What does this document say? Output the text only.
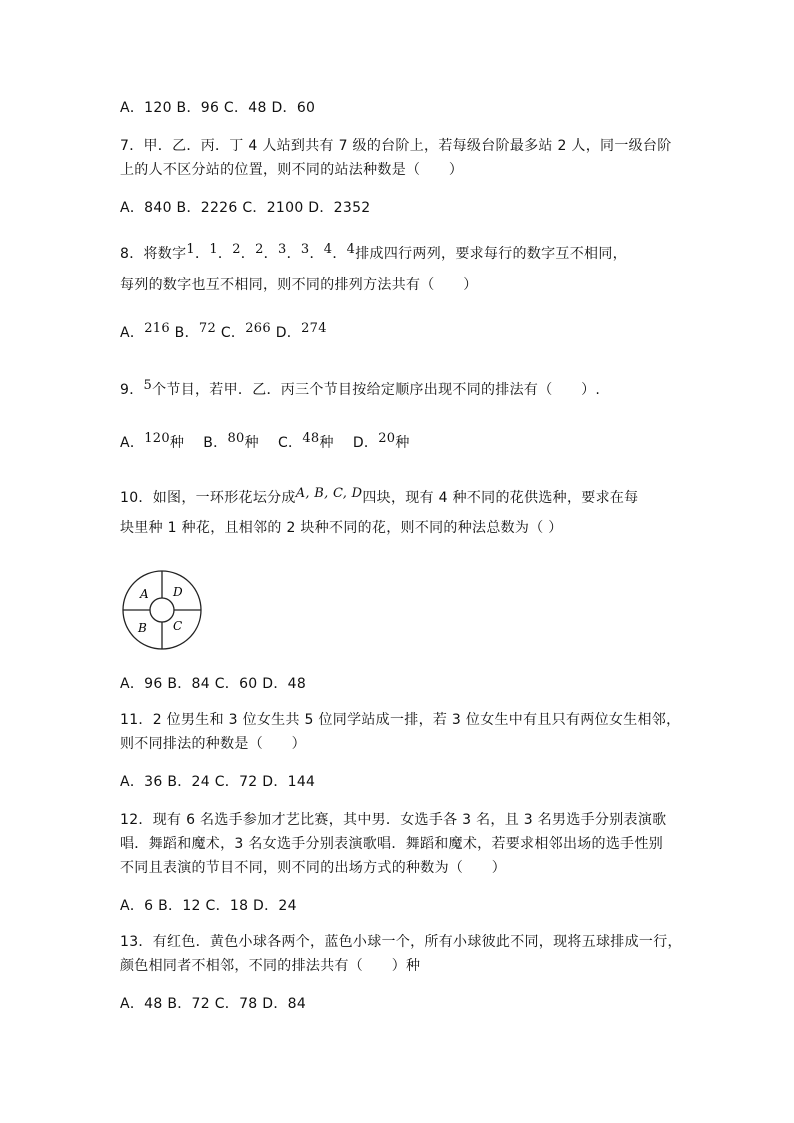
A．120 B．96 C．48 D．60
7．甲．乙．丙．丁 4 人站到共有 7 级的台阶上，若每级台阶最多站 2 人，同一级台阶
上的人不区分站的位置，则不同的站法种数是（　　）
A．840 B．2226 C．2100 D．2352
8．将数字1．1．2．2．3．3．4．4排成四行两列，要求每行的数字互不相同，
每列的数字也互不相同，则不同的排列方法共有（　　）
A．216 B．72 C．266 D．274
9．5个节目，若甲．乙．丙三个节目按给定顺序出现不同的排法有（　　）.
A．120种 B．80种 C．48种 D．20种
10．如图，一环形花坛分成A, B, C, D四块，现有 4 种不同的花供选种，要求在每
块里种 1 种花，且相邻的 2 块种不同的花，则不同的种法总数为（ ）
A D
B C
A．96 B．84 C．60 D．48
11．2 位男生和 3 位女生共 5 位同学站成一排，若 3 位女生中有且只有两位女生相邻，
则不同排法的种数是（　　）
A．36 B．24 C．72 D．144
12．现有 6 名选手参加才艺比赛，其中男．女选手各 3 名，且 3 名男选手分别表演歌
唱．舞蹈和魔术，3 名女选手分别表演歌唱．舞蹈和魔术，若要求相邻出场的选手性别
不同且表演的节目不同，则不同的出场方式的种数为（　　）
A．6 B．12 C．18 D．24
13．有红色．黄色小球各两个，蓝色小球一个，所有小球彼此不同，现将五球排成一行，
颜色相同者不相邻，不同的排法共有（　　）种
A．48 B．72 C．78 D．84
